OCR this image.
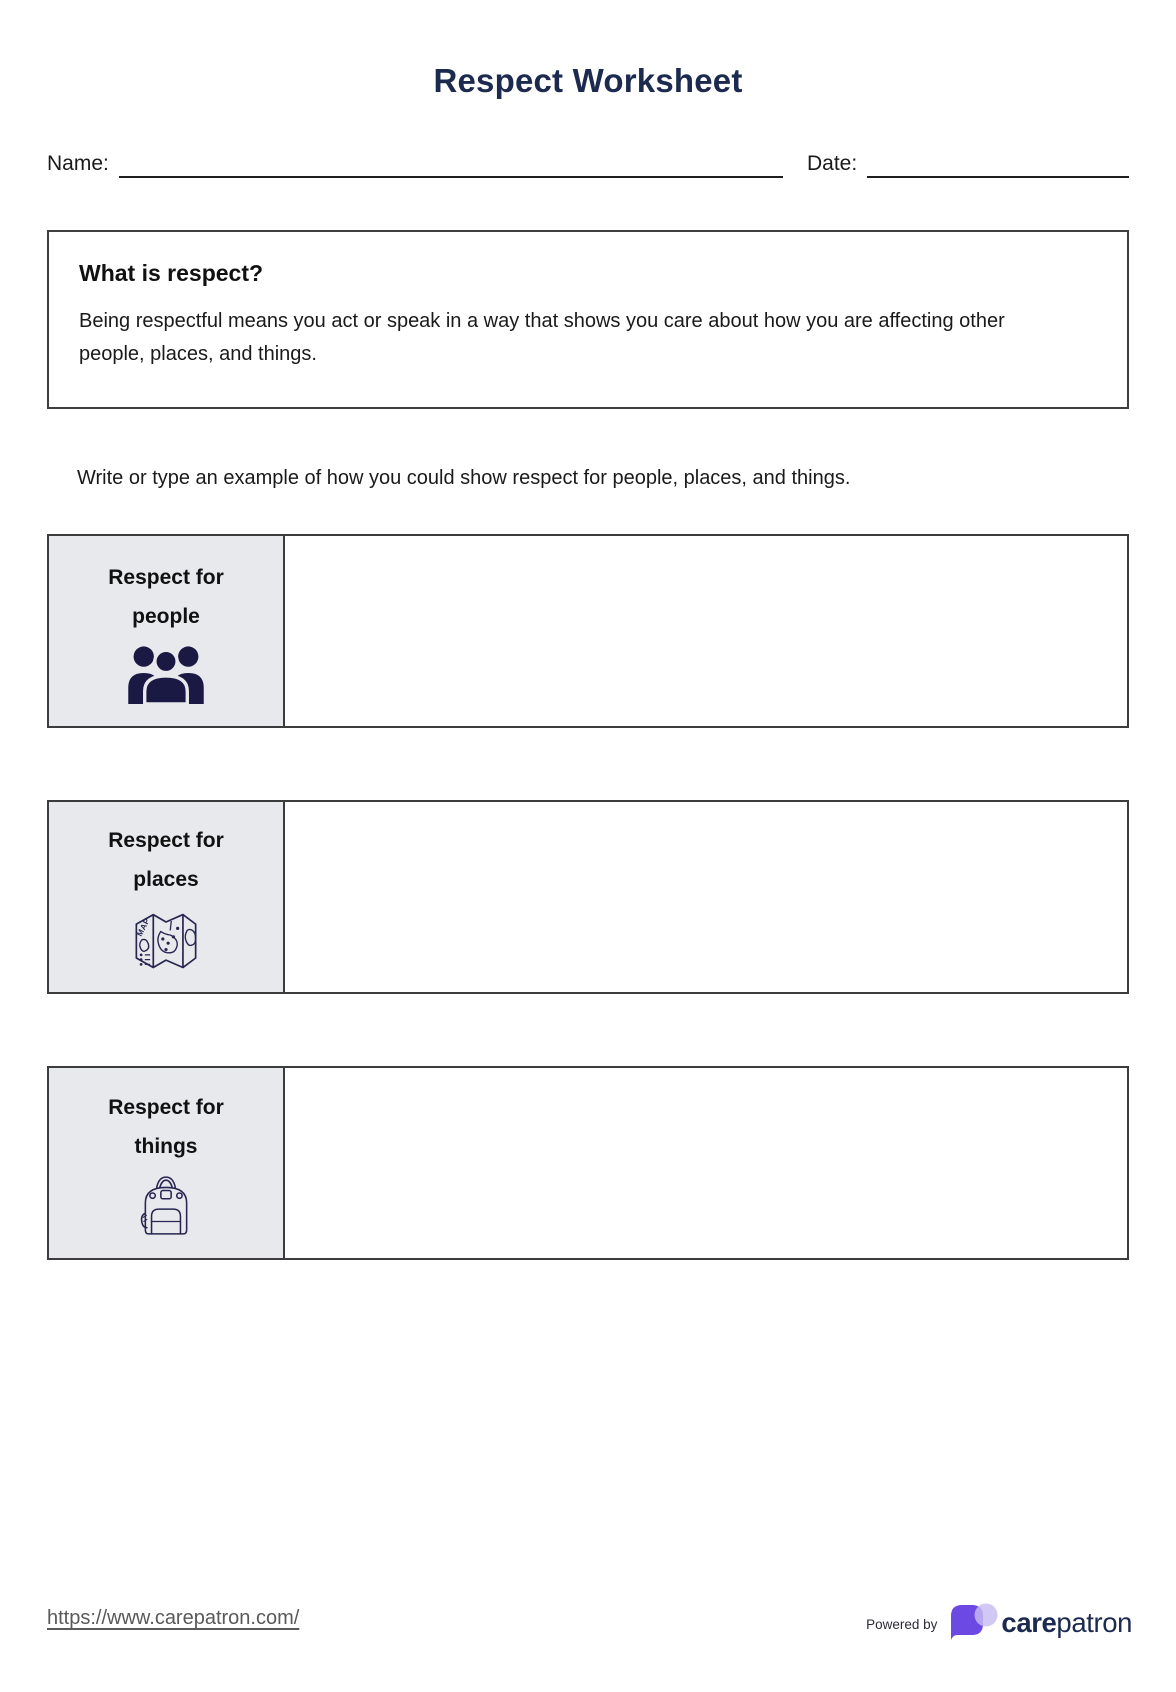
Respect Worksheet
Name:	Date:
What is respect?
Being respectful means you act or speak in a way that shows you care about how you are affecting other people, places, and things.
Write or type an example of how you could show respect for people, places, and things.
Respect for
people
Respect for
places
MAP
Respect for
things
https://www.carepatron.com/	Powered by carepatron
